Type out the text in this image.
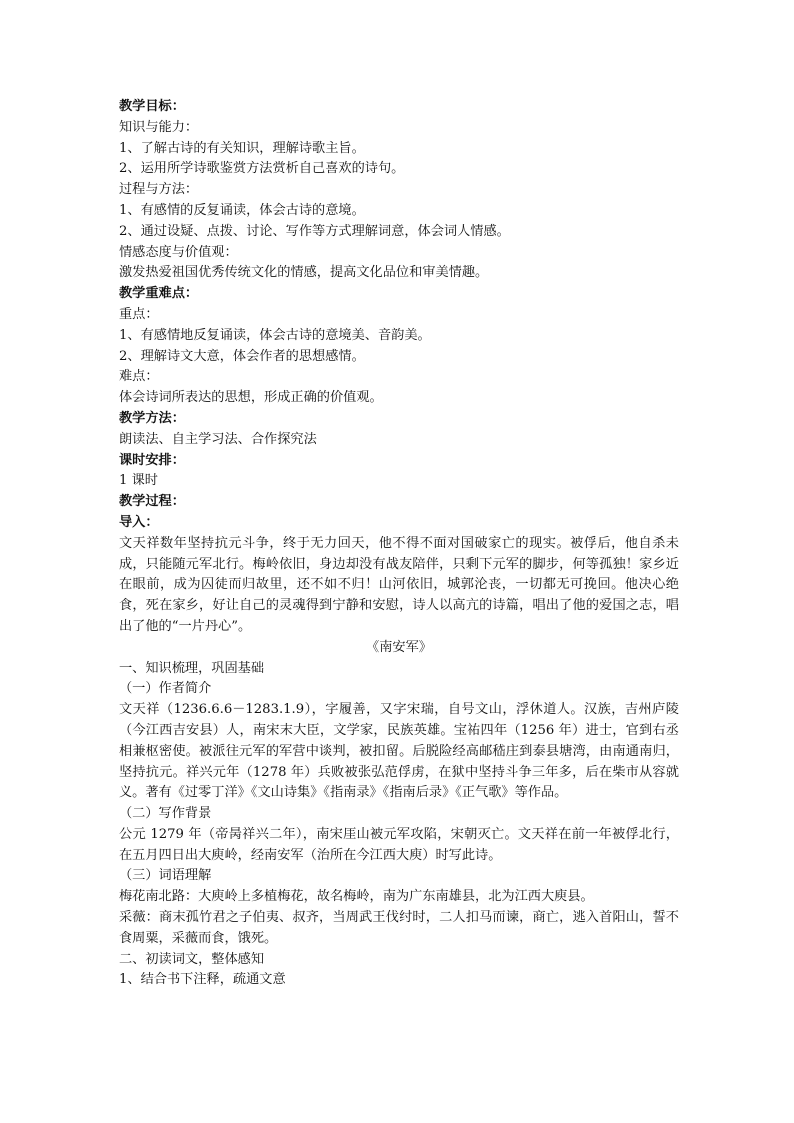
教学目标：

知识与能力：

1、了解古诗的有关知识，理解诗歌主旨。

2、运用所学诗歌鉴赏方法赏析自己喜欢的诗句。

过程与方法：

1、有感情的反复诵读，体会古诗的意境。

2、通过设疑、点拨、讨论、写作等方式理解词意，体会词人情感。

情感态度与价值观：

激发热爱祖国优秀传统文化的情感，提高文化品位和审美情趣。

教学重难点：

重点：

1、有感情地反复诵读，体会古诗的意境美、音韵美。

2、理解诗文大意，体会作者的思想感情。

难点：

体会诗词所表达的思想，形成正确的价值观。

教学方法：

朗读法、自主学习法、合作探究法

课时安排：

1 课时

教学过程：

导入：

文天祥数年坚持抗元斗争，终于无力回天，他不得不面对国破家亡的现实。被俘后，他自杀未成，只能随元军北行。梅岭依旧，身边却没有战友陪伴，只剩下元军的脚步，何等孤独！家乡近在眼前，成为囚徒而归故里，还不如不归！山河依旧，城郭沦丧，一切都无可挽回。他决心绝食，死在家乡，好让自己的灵魂得到宁静和安慰，诗人以高亢的诗篇，唱出了他的爱国之志，唱出了他的“一片丹心”。

《南安军》

一、知识梳理，巩固基础

（一）作者简介

文天祥（1236.6.6－1283.1.9），字履善，又字宋瑞，自号文山，浮休道人。汉族，吉州庐陵（今江西吉安县）人，南宋末大臣，文学家，民族英雄。宝祐四年（1256 年）进士，官到右丞相兼枢密使。被派往元军的军营中谈判，被扣留。后脱险经高邮嵇庄到泰县塘湾，由南通南归，坚持抗元。祥兴元年（1278 年）兵败被张弘范俘虏，在狱中坚持斗争三年多，后在柴市从容就义。著有《过零丁洋》《文山诗集》《指南录》《指南后录》《正气歌》等作品。

（二）写作背景

公元 1279 年（帝昺祥兴二年），南宋厓山被元军攻陷，宋朝灭亡。文天祥在前一年被俘北行，在五月四日出大庾岭，经南安军（治所在今江西大庾）时写此诗。

（三）词语理解

梅花南北路：大庾岭上多植梅花，故名梅岭，南为广东南雄县，北为江西大庾县。

采薇：商末孤竹君之子伯夷、叔齐，当周武王伐纣时，二人扣马而谏，商亡，逃入首阳山，誓不食周粟，采薇而食，饿死。

二、初读词文，整体感知

1、结合书下注释，疏通文意
